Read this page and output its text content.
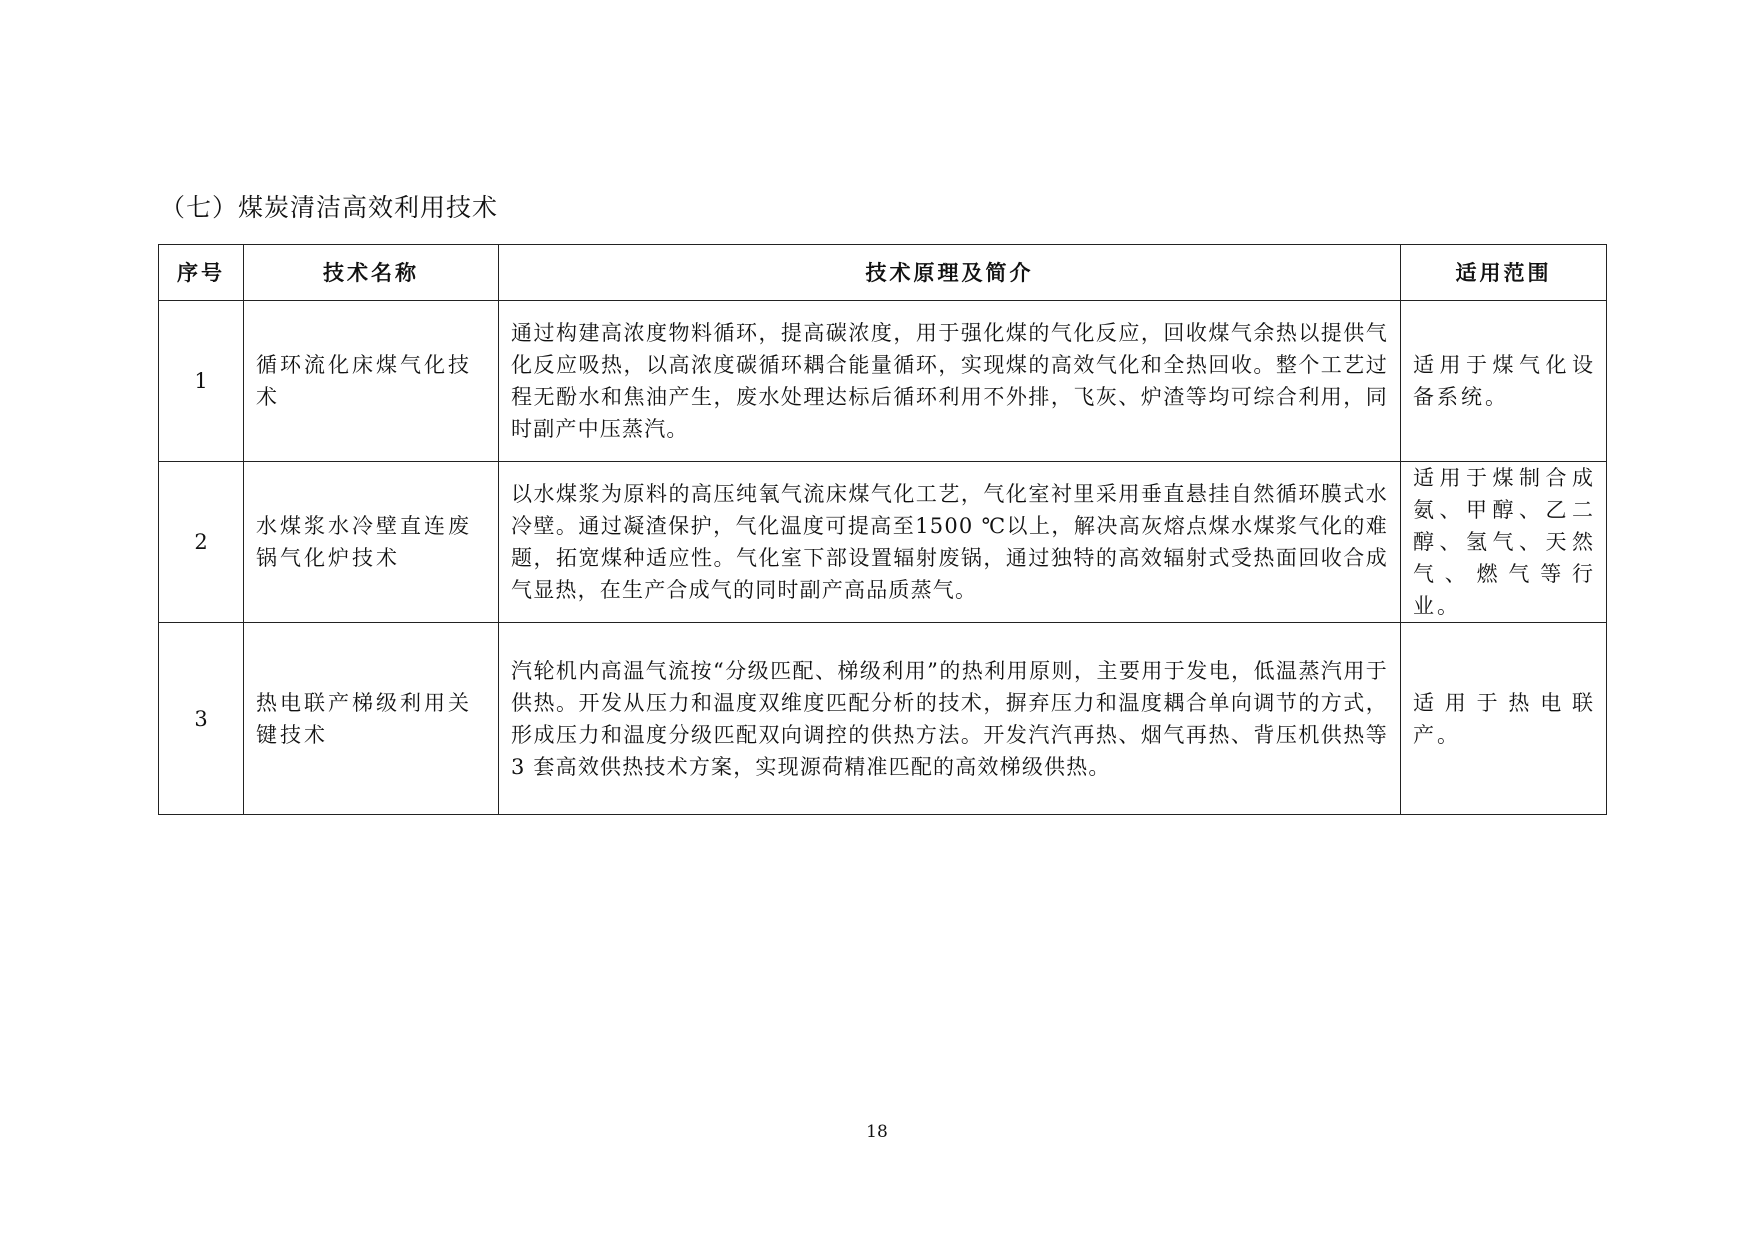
（七）煤炭清洁高效利用技术
序号	技术名称	技术原理及简介	适用范围
1	循环流化床煤气化技术	通过构建高浓度物料循环，提高碳浓度，用于强化煤的气化反应，回收煤气余热以提供气化反应吸热，以高浓度碳循环耦合能量循环，实现煤的高效气化和全热回收。整个工艺过程无酚水和焦油产生，废水处理达标后循环利用不外排，飞灰、炉渣等均可综合利用，同时副产中压蒸汽。	适用于煤气化设备系统。
2	水煤浆水冷壁直连废锅气化炉技术	以水煤浆为原料的高压纯氧气流床煤气化工艺，气化室衬里采用垂直悬挂自然循环膜式水冷壁。通过凝渣保护，气化温度可提高至1500 ℃以上，解决高灰熔点煤水煤浆气化的难题，拓宽煤种适应性。气化室下部设置辐射废锅，通过独特的高效辐射式受热面回收合成气显热，在生产合成气的同时副产高品质蒸气。	适用于煤制合成氨、甲醇、乙二醇、氢气、天然气、燃气等行业。
3	热电联产梯级利用关键技术	汽轮机内高温气流按“分级匹配、梯级利用”的热利用原则，主要用于发电，低温蒸汽用于供热。开发从压力和温度双维度匹配分析的技术，摒弃压力和温度耦合单向调节的方式，形成压力和温度分级匹配双向调控的供热方法。开发汽汽再热、烟气再热、背压机供热等 3 套高效供热技术方案，实现源荷精准匹配的高效梯级供热。	适用于热电联产。
18
